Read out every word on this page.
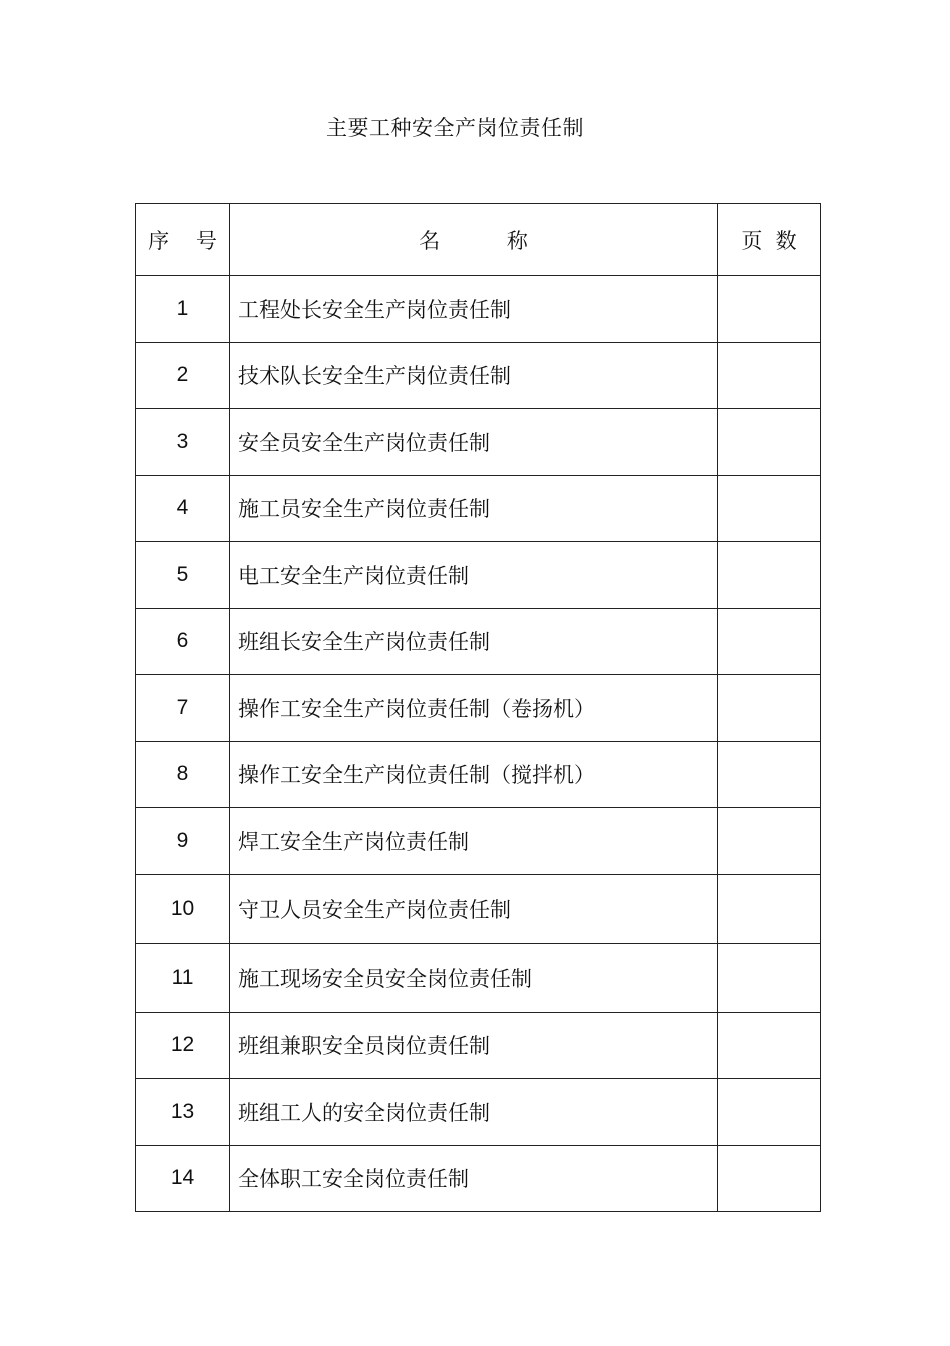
主要工种安全产岗位责任制
序    号	名          称	页  数
1	工程处长安全生产岗位责任制	
2	技术队长安全生产岗位责任制	
3	安全员安全生产岗位责任制	
4	施工员安全生产岗位责任制	
5	电工安全生产岗位责任制	
6	班组长安全生产岗位责任制	
7	操作工安全生产岗位责任制（卷扬机）	
8	操作工安全生产岗位责任制（搅拌机）	
9	焊工安全生产岗位责任制	
10	守卫人员安全生产岗位责任制	
11	施工现场安全员安全岗位责任制	
12	班组兼职安全员岗位责任制	
13	班组工人的安全岗位责任制	
14	全体职工安全岗位责任制	
